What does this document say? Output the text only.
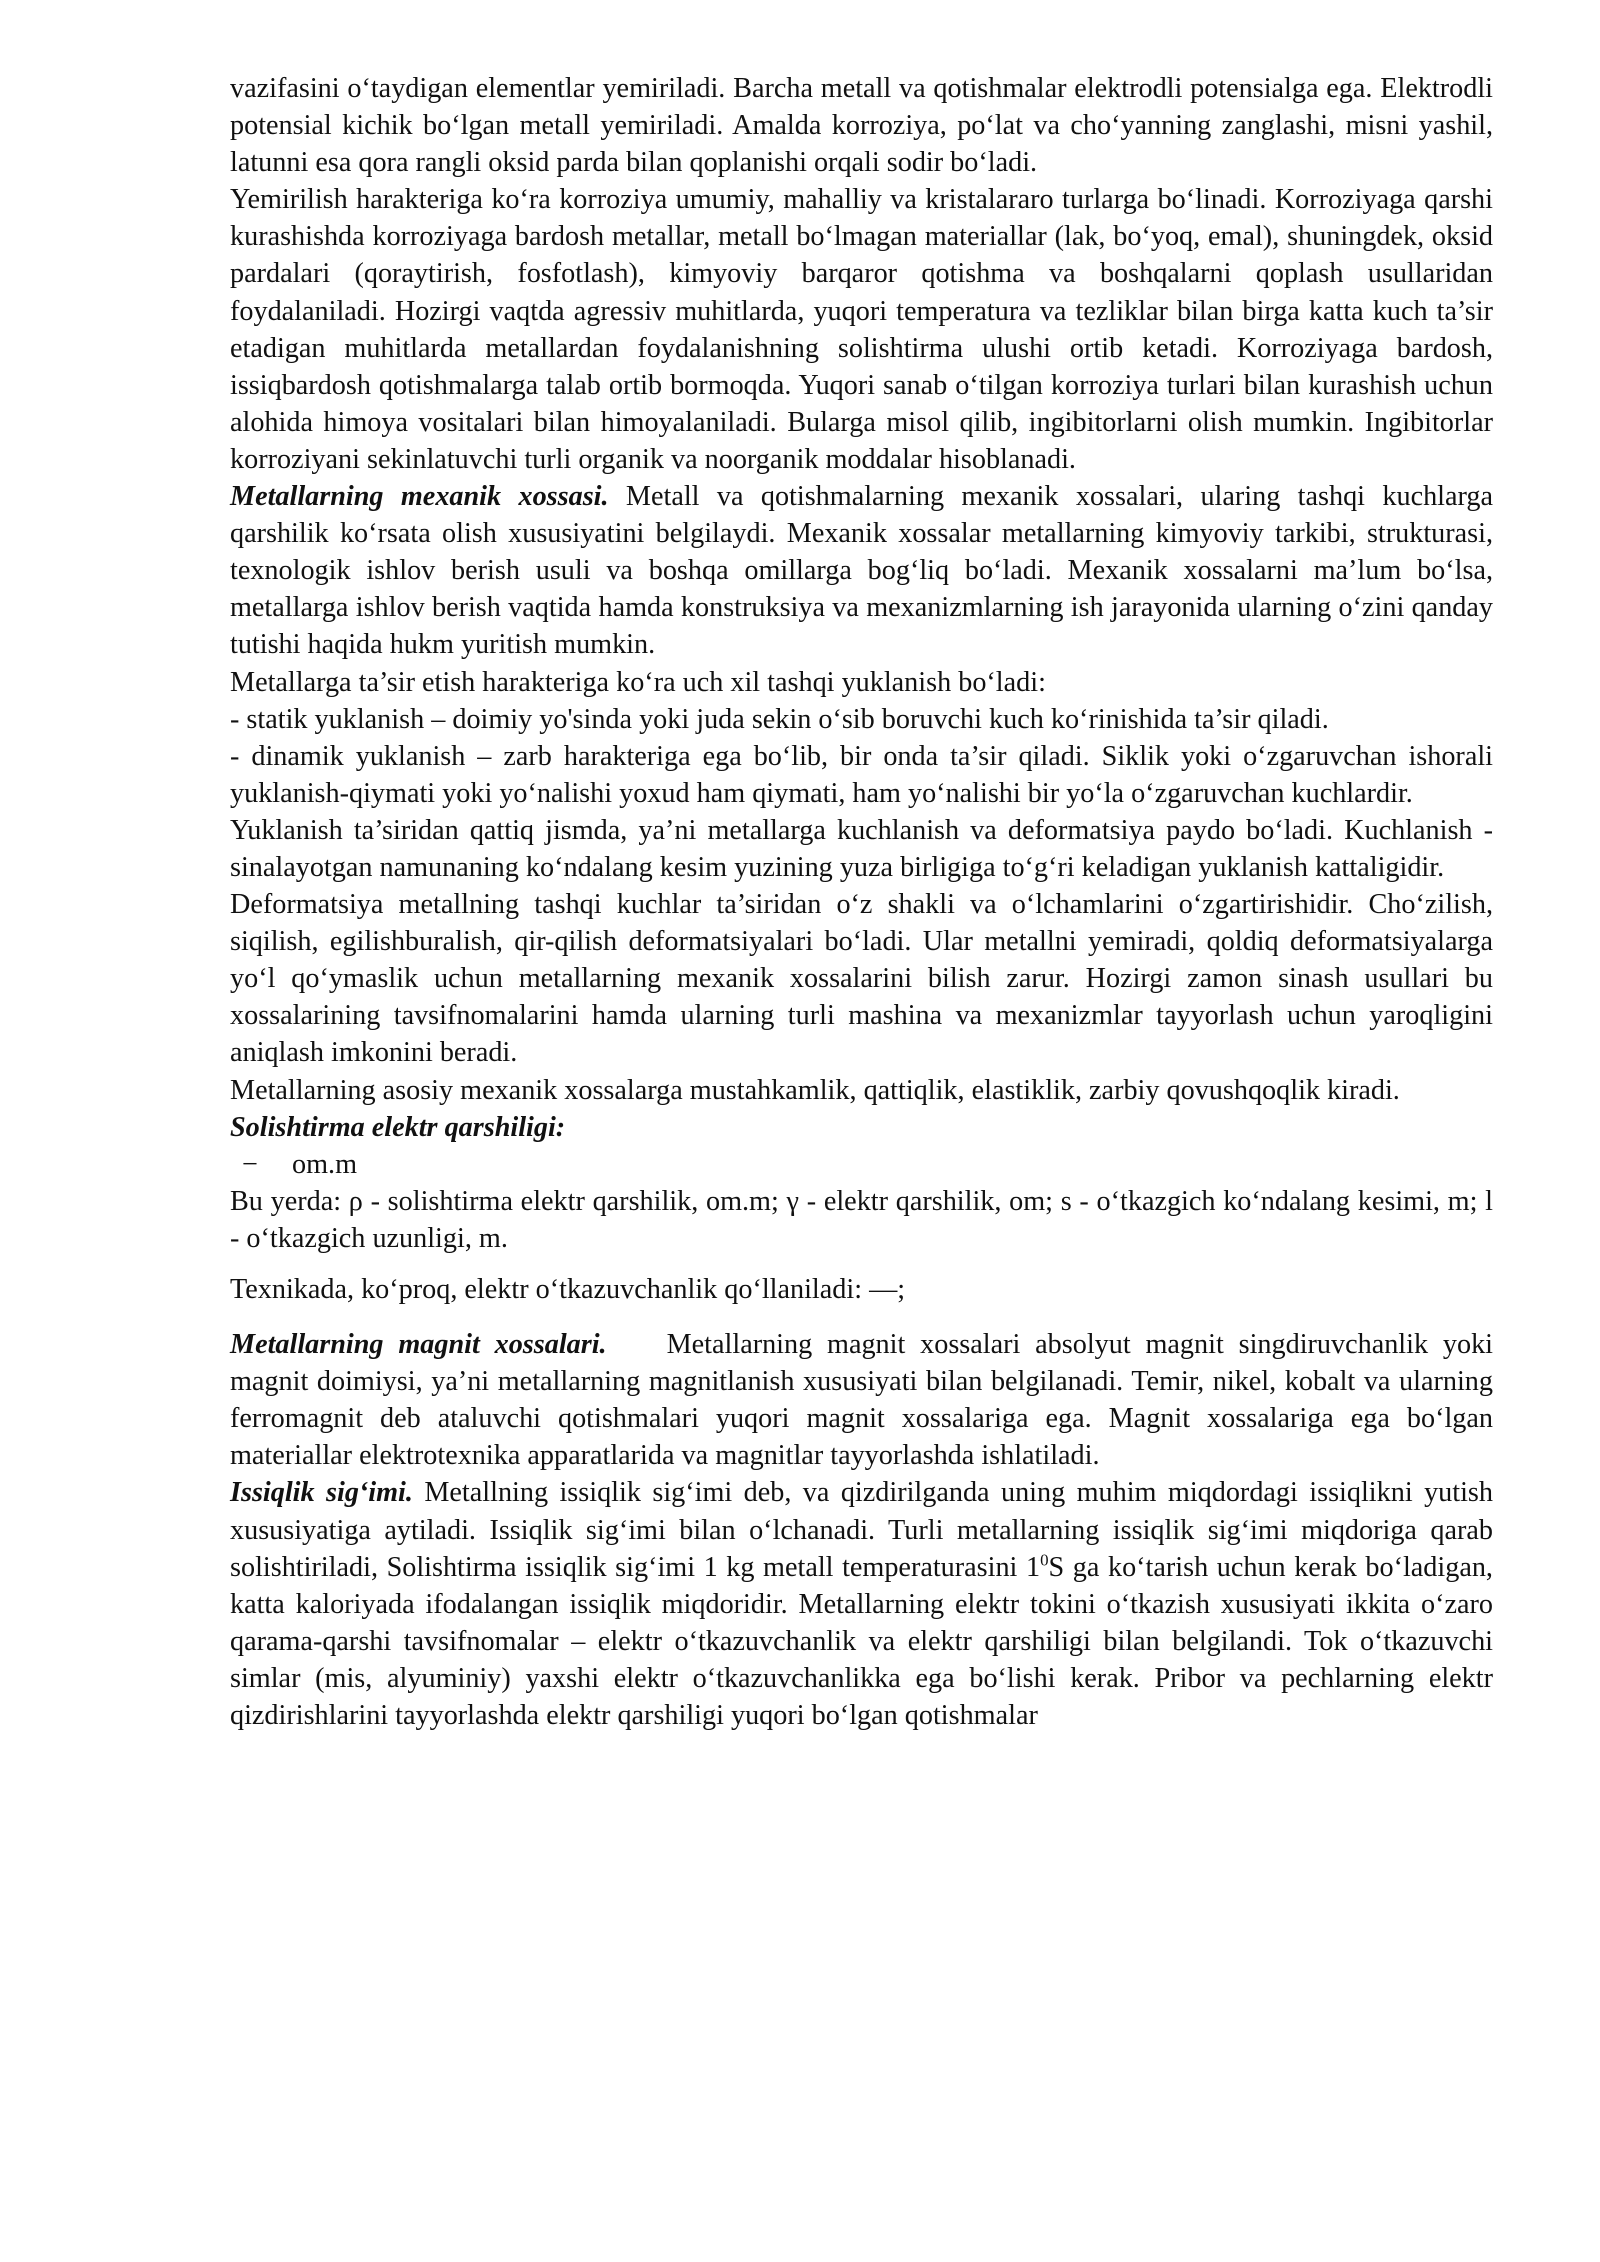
vazifasini o‘taydigan elementlar yemiriladi. Barcha metall va qotishmalar elektrodli potensialga ega. Elektrodli potensial kichik bo‘lgan metall yemiriladi. Amalda korroziya, po‘lat va cho‘yanning zanglashi, misni yashil, latunni esa qora rangli oksid parda bilan qoplanishi orqali sodir bo‘ladi.

Yemirilish harakteriga ko‘ra korroziya umumiy, mahalliy va kristalararo turlarga bo‘linadi. Korroziyaga qarshi kurashishda korroziyaga bardosh metallar, metall bo‘lmagan materiallar (lak, bo‘yoq, emal), shuningdek, oksid pardalari (qoraytirish, fosfotlash), kimyoviy barqaror qotishma va boshqalarni qoplash usullaridan foydalaniladi. Hozirgi vaqtda agressiv muhitlarda, yuqori temperatura va tezliklar bilan birga katta kuch ta’sir etadigan muhitlarda metallardan foydalanishning solishtirma ulushi ortib ketadi. Korroziyaga bardosh, issiqbardosh qotishmalarga talab ortib bormoqda. Yuqori sanab o‘tilgan korroziya turlari bilan kurashish uchun alohida himoya vositalari bilan himoyalaniladi. Bulargа misol qilib, ingibitorlarni olish mumkin. Ingibitorlar korroziyani sekinlatuvchi turli organik va noorganik moddalar hisoblanadi.

Metallarning mexanik xossasi. Metall va qotishmalarning mexanik xossalari, ularing tashqi kuchlarga qarshilik ko‘rsata olish xususiyatini belgilaydi. Mexanik xossalar metallarning kimyoviy tarkibi, strukturasi, texnologik ishlov berish usuli va boshqa omillarga bog‘liq bo‘ladi. Mexanik xossalarni ma’lum bo‘lsa, metallarga ishlov berish vaqtida hamda konstruksiya va mexanizmlarning ish jarayonida ularning o‘zini qanday tutishi haqida hukm yuritish mumkin.

Metallarga ta’sir etish harakteriga ko‘ra uch xil tashqi yuklanish bo‘ladi:

- statik yuklanish – doimiy yo'sinda yoki juda sekin o‘sib boruvchi kuch ko‘rinishida ta’sir qiladi.

- dinamik yuklanish – zarb harakteriga ega bo‘lib, bir onda ta’sir qiladi. Siklik yoki o‘zgaruvchan ishorali yuklanish-qiymati yoki yo‘nalishi yoxud ham qiymati, ham yo‘nalishi bir yo‘la o‘zgaruvchan kuchlardir.

Yuklanish ta’siridan qattiq jismda, ya’ni metallarga kuchlanish va deformatsiya paydo bo‘ladi. Kuchlanish - sinalayotgan namunaning ko‘ndalang kesim yuzining yuza birligiga to‘g‘ri keladigan yuklanish kattaligidir.

Deformatsiya metallning tashqi kuchlar ta’siridan o‘z shakli va o‘lchamlarini o‘zgartirishidir. Cho‘zilish, siqilish, egilishburalish, qir-qilish deformatsiyalari bo‘ladi. Ular metallni yemiradi, qoldiq deformatsiyalarga yo‘l qo‘ymaslik uchun metallarning mexanik xossalarini bilish zarur. Hozirgi zamon sinash usullari bu xossalarining tavsifnomalarini hamda ularning turli mashina va mexanizmlar tayyorlash uchun yaroqligini aniqlash imkonini beradi.

Metallarning asosiy mexanik xossalarga mustahkamlik, qattiqlik, elastiklik, zarbiy qovushqoqlik kiradi.

Solishtirma elektr qarshiligi:

− om.m

Bu yerda: ρ - solishtirma elektr qarshilik, om.m; γ - elektr qarshilik, om; s - o‘tkazgich ko‘ndalang kesimi, m; l - o‘tkazgich uzunligi, m.

Texnikada, ko‘proq, elektr o‘tkazuvchanlik qo‘llaniladi: ―;

Metallarning magnit xossalari. Metallarning magnit xossalari absolyut magnit singdiruvchanlik yoki magnit doimiysi, ya’ni metallarning magnitlanish xususiyati bilan belgilanadi. Temir, nikel, kobalt va ularning ferromagnit deb ataluvchi qotishmalari yuqori magnit xossalariga ega. Magnit xossalariga ega bo‘lgan materiallar elektrotexnika apparatlarida va magnitlar tayyorlashda ishlatiladi.

Issiqlik sig‘imi. Metallning issiqlik sig‘imi deb, va qizdirilganda uning muhim miqdordagi issiqlikni yutish xususiyatiga aytiladi. Issiqlik sig‘imi bilan o‘lchanadi. Turli metallarning issiqlik sig‘imi miqdoriga qarab solishtiriladi, Solishtirma issiqlik sig‘imi 1 kg metall temperaturasini $1^0S$ ga ko‘tarish uchun kerak bo‘ladigan, katta kaloriyada ifodalangan issiqlik miqdoridir. Metallarning elektr tokini o‘tkazish xususiyati ikkita o‘zaro qarama-qarshi tavsifnomalar – elektr o‘tkazuvchanlik va elektr qarshiligi bilan belgilandi. Tok o‘tkazuvchi simlar (mis, alyuminiy) yaxshi elektr o‘tkazuvchanlikka ega bo‘lishi kerak. Pribor va pechlarning elektr qizdirishlarini tayyorlashda elektr qarshiligi yuqori bo‘lgan qotishmalar
